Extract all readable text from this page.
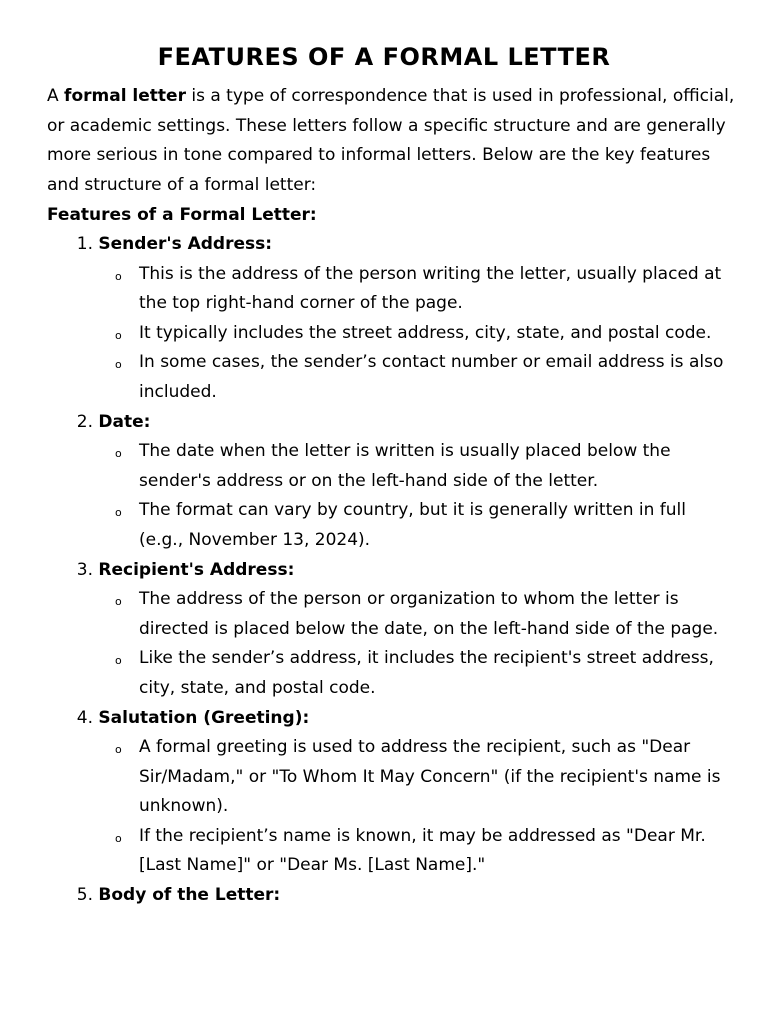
FEATURES OF A FORMAL LETTER

A formal letter is a type of correspondence that is used in professional, official, or academic settings. These letters follow a specific structure and are generally more serious in tone compared to informal letters. Below are the key features and structure of a formal letter:

Features of a Formal Letter:
1. Sender's Address:
o This is the address of the person writing the letter, usually placed at the top right-hand corner of the page.
o It typically includes the street address, city, state, and postal code.
o In some cases, the sender’s contact number or email address is also included.
2. Date:
o The date when the letter is written is usually placed below the sender's address or on the left-hand side of the letter.
o The format can vary by country, but it is generally written in full (e.g., November 13, 2024).
3. Recipient's Address:
o The address of the person or organization to whom the letter is directed is placed below the date, on the left-hand side of the page.
o Like the sender’s address, it includes the recipient's street address, city, state, and postal code.
4. Salutation (Greeting):
o A formal greeting is used to address the recipient, such as "Dear Sir/Madam," or "To Whom It May Concern" (if the recipient's name is unknown).
o If the recipient’s name is known, it may be addressed as "Dear Mr. [Last Name]" or "Dear Ms. [Last Name]."
5. Body of the Letter:
